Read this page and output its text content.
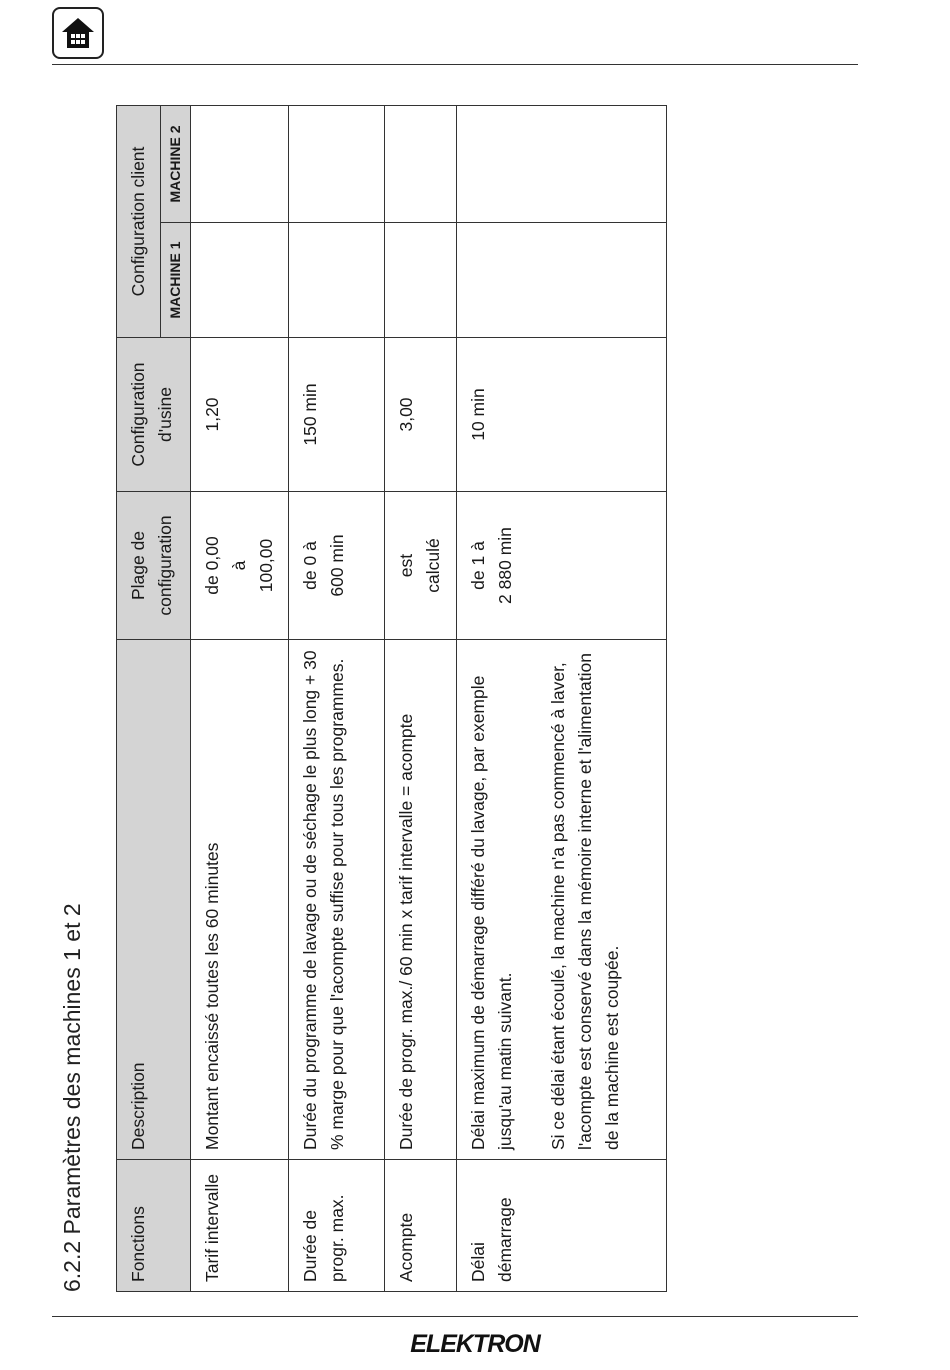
6.2.2 Paramètres des machines 1 et 2	Fonctions	Description	Plage de configuration	Configuration d'usine	Configuration client	
				MACHINE 1	MACHINE 2
Tarif intervalle	Montant encaissé toutes les 60 minutes	de 0,00 à 100,00	1,20		
Durée de progr. max.	Durée du programme de lavage ou de séchage le plus long + 30 % marge pour que l'acompte suffise pour tous les programmes.	de 0 à 600 min	150 min		
Acompte	Durée de progr. max./ 60 min x tarif intervalle = acompte	est calculé	3,00		
Délai démarrage	Délai maximum de démarrage différé du lavage, par exemple jusqu'au matin suivant. Si ce délai étant écoulé, la machine n'a pas commencé à laver, l'acompte est conservé dans la mémoire interne et l'alimentation de la machine est coupée.	de 1 à 2 880 min	10 min		
ELEKTRON
